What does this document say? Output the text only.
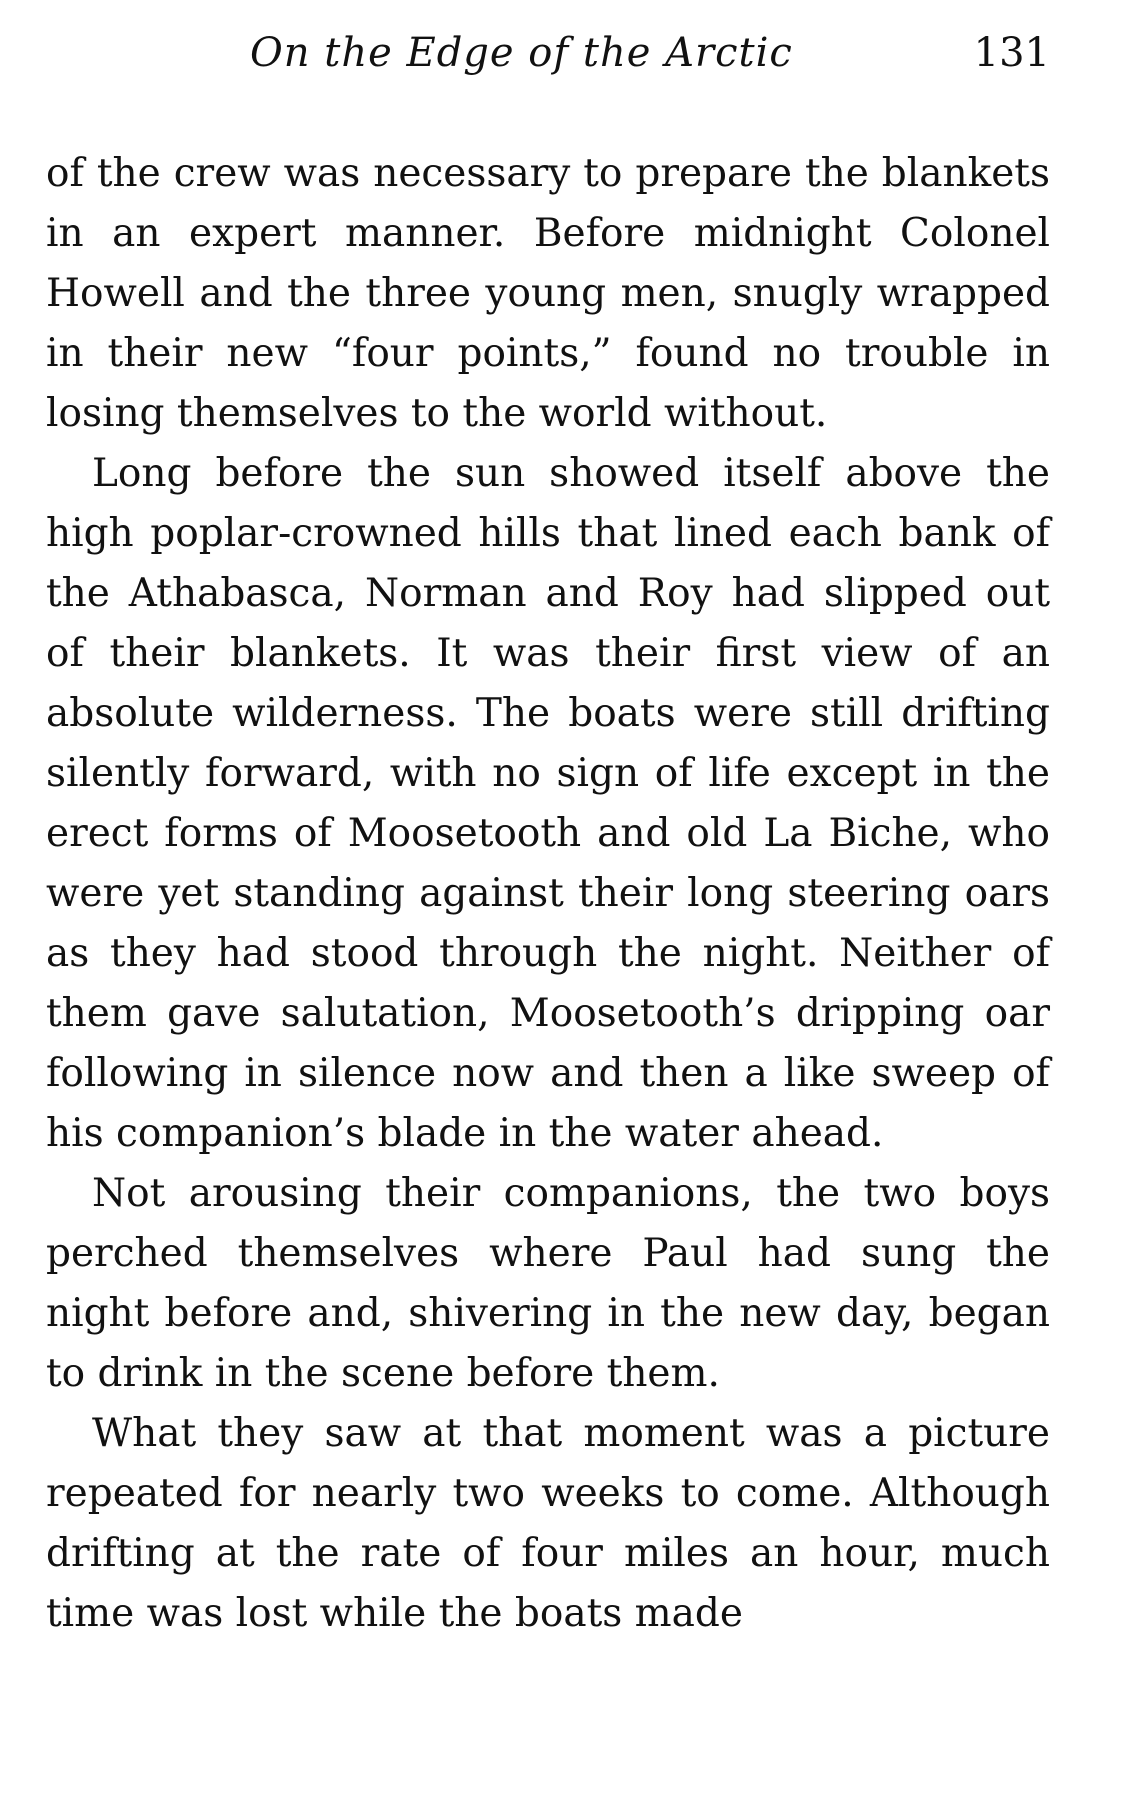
On the Edge of the Arctic	131

of the crew was necessary to prepare the blankets in an expert manner. Before midnight Colonel Howell and the three young men, snugly wrapped in their new “four points,” found no trouble in losing themselves to the world without.

Long before the sun showed itself above the high poplar-crowned hills that lined each bank of the Athabasca, Norman and Roy had slipped out of their blankets. It was their first view of an absolute wilderness. The boats were still drifting silently forward, with no sign of life except in the erect forms of Moosetooth and old La Biche, who were yet standing against their long steering oars as they had stood through the night. Neither of them gave salutation, Moosetooth’s dripping oar following in silence now and then a like sweep of his companion’s blade in the water ahead.

Not arousing their companions, the two boys perched themselves where Paul had sung the night before and, shivering in the new day, began to drink in the scene before them.

What they saw at that moment was a picture repeated for nearly two weeks to come. Although drifting at the rate of four miles an hour, much time was lost while the boats made
